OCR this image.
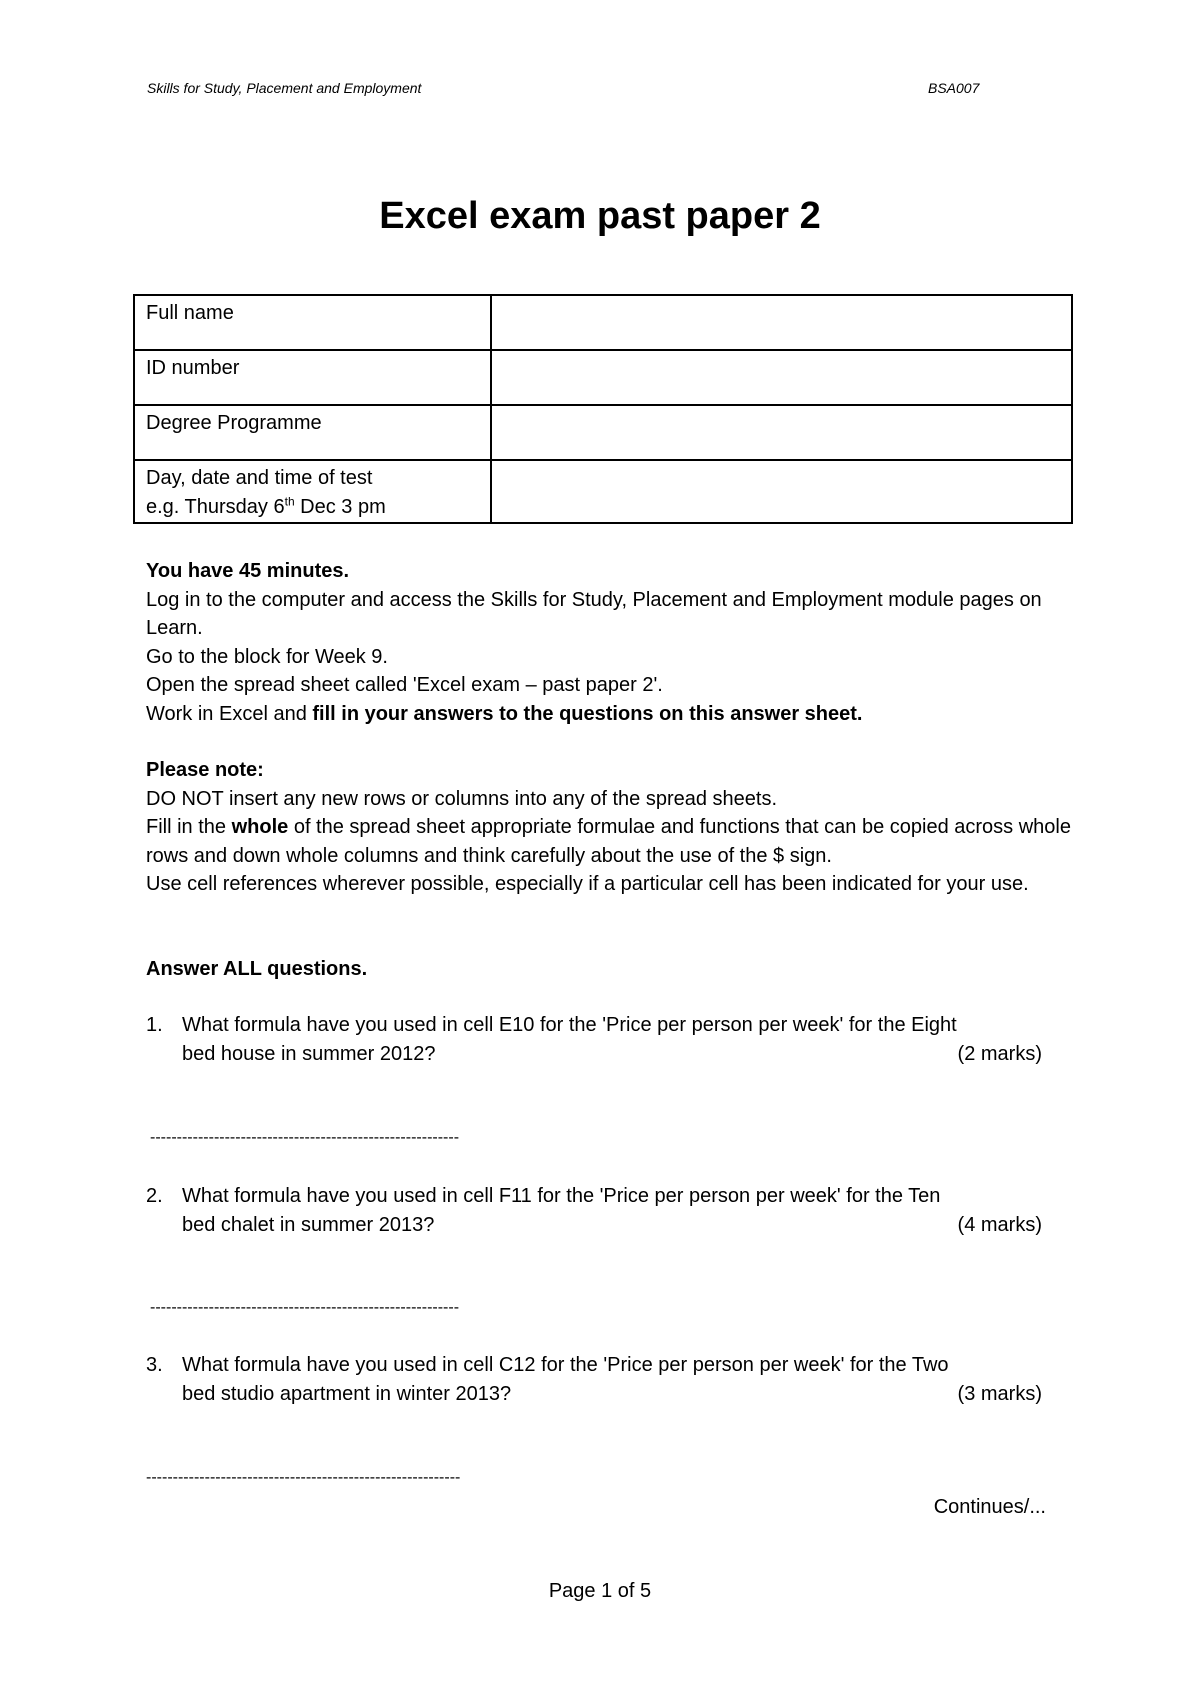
Skills for Study, Placement and Employment	BSA007
Excel exam past paper 2
Full name	
ID number	
Degree Programme	

Day, date and time of test
e.g. Thursday 6th Dec 3 pm	

You have 45 minutes.

Log in to the computer and access the Skills for Study, Placement and Employment module pages on Learn.

Go to the block for Week 9.

Open the spread sheet called 'Excel exam – past paper 2'.

Work in Excel and fill in your answers to the questions on this answer sheet.

Please note:

DO NOT insert any new rows or columns into any of the spread sheets.

Fill in the whole of the spread sheet appropriate formulae and functions that can be copied across whole rows and down whole columns and think carefully about the use of the $ sign.

Use cell references wherever possible, especially if a particular cell has been indicated for your use.

Answer ALL questions.
1. What formula have you used in cell E10 for the 'Price per person per week' for the Eight
bed house in summer 2012?	(2 marks)
----------------------------------------------------------
2. What formula have you used in cell F11 for the 'Price per person per week' for the Ten
bed chalet in summer 2013?	(4 marks)
----------------------------------------------------------
3. What formula have you used in cell C12 for the 'Price per person per week' for the Two
bed studio apartment in winter 2013?	(3 marks)
-----------------------------------------------------------
Continues/...
Page 1 of 5
